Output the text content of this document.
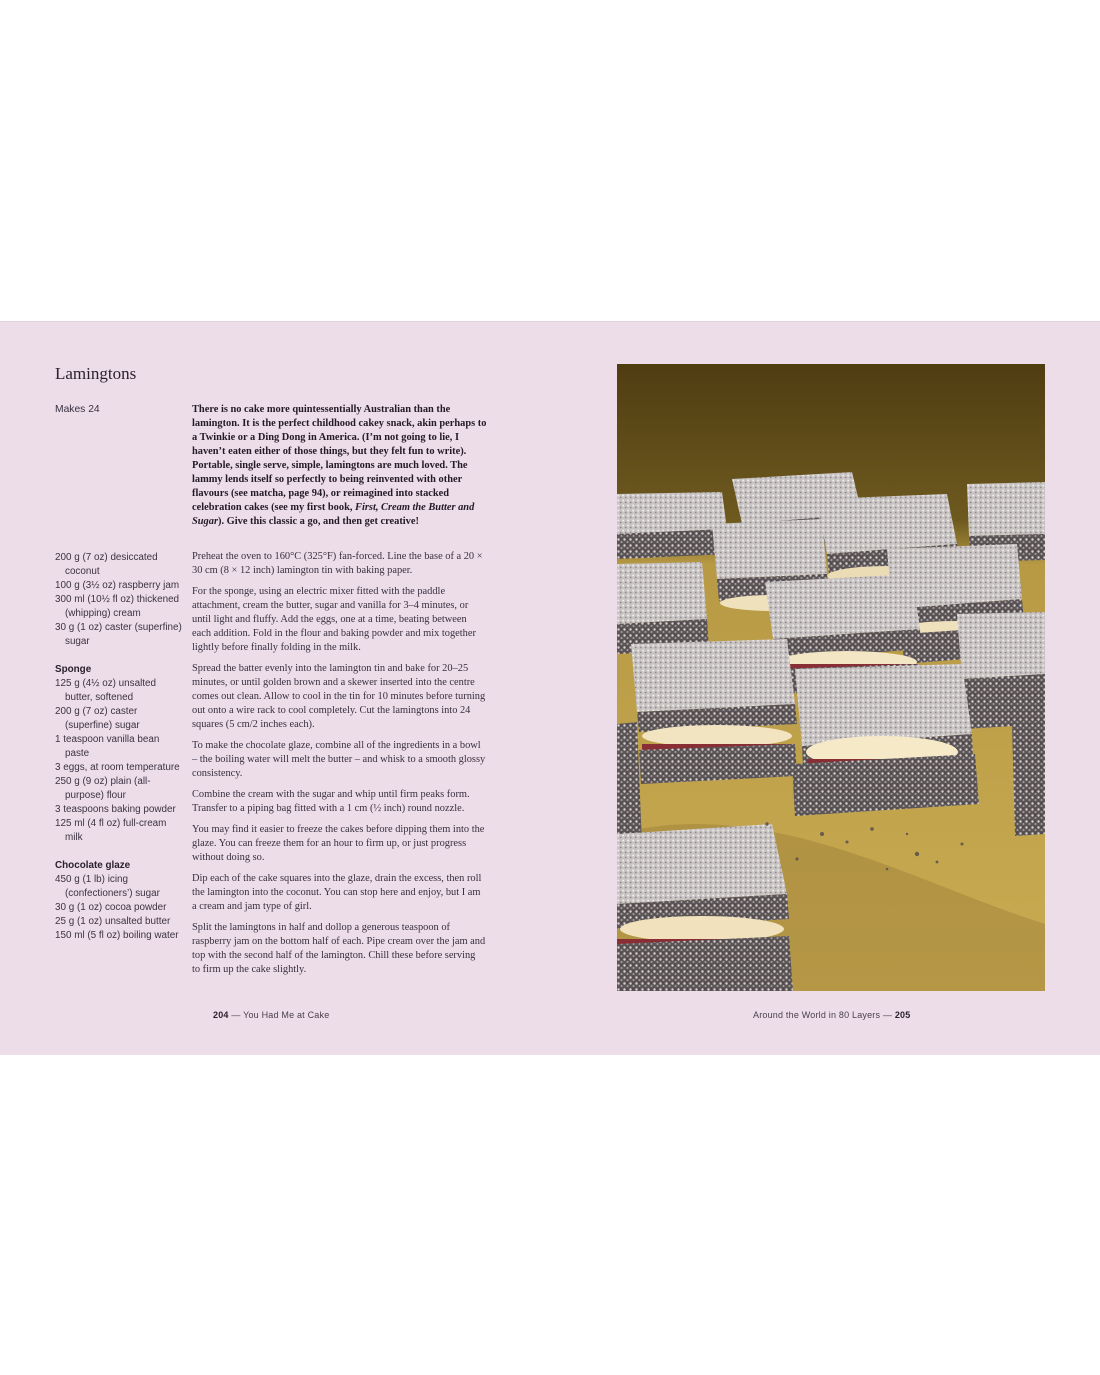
Lamingtons
Makes 24	There is no cake more quintessentially Australian than the lamington. It is the perfect childhood cakey snack, akin perhaps to a Twinkie or a Ding Dong in America. (I’m not going to lie, I haven’t eaten either of those things, but they felt fun to write). Portable, single serve, simple, lamingtons are much loved. The lammy lends itself so perfectly to being reinvented with other flavours (see matcha, page 94), or reimagined into stacked celebration cakes (see my first book, First, Cream the Butter and Sugar). Give this classic a go, and then get creative!

200 g (7 oz) desiccated coconut
100 g (3½ oz) raspberry jam
300 ml (10½ fl oz) thickened (whipping) cream
30 g (1 oz) caster (superfine) sugar
Sponge
125 g (4½ oz) unsalted butter, softened
200 g (7 oz) caster (superfine) sugar
1 teaspoon vanilla bean paste
3 eggs, at room temperature
250 g (9 oz) plain (all-purpose) flour
3 teaspoons baking powder
125 ml (4 fl oz) full-cream milk
Chocolate glaze
450 g (1 lb) icing (confectioners’) sugar
30 g (1 oz) cocoa powder
25 g (1 oz) unsalted butter
150 ml (5 fl oz) boiling water

Preheat the oven to 160°C (325°F) fan-forced. Line the base of a 20 × 30 cm (8 × 12 inch) lamington tin with baking paper.

For the sponge, using an electric mixer fitted with the paddle attachment, cream the butter, sugar and vanilla for 3–4 minutes, or until light and fluffy. Add the eggs, one at a time, beating between each addition. Fold in the flour and baking powder and mix together lightly before finally folding in the milk.

Spread the batter evenly into the lamington tin and bake for 20–25 minutes, or until golden brown and a skewer inserted into the centre comes out clean. Allow to cool in the tin for 10 minutes before turning out onto a wire rack to cool completely. Cut the lamingtons into 24 squares (5 cm/2 inches each).

To make the chocolate glaze, combine all of the ingredients in a bowl – the boiling water will melt the butter – and whisk to a smooth glossy consistency.

Combine the cream with the sugar and whip until firm peaks form. Transfer to a piping bag fitted with a 1 cm (½ inch) round nozzle.

You may find it easier to freeze the cakes before dipping them into the glaze. You can freeze them for an hour to firm up, or just progress without doing so.

Dip each of the cake squares into the glaze, drain the excess, then roll the lamington into the coconut. You can stop here and enjoy, but I am a cream and jam type of girl.

Split the lamingtons in half and dollop a generous teaspoon of raspberry jam on the bottom half of each. Pipe cream over the jam and top with the second half of the lamington. Chill these before serving to firm up the cake slightly.

204 — You Had Me at Cake	Around the World in 80 Layers — 205
